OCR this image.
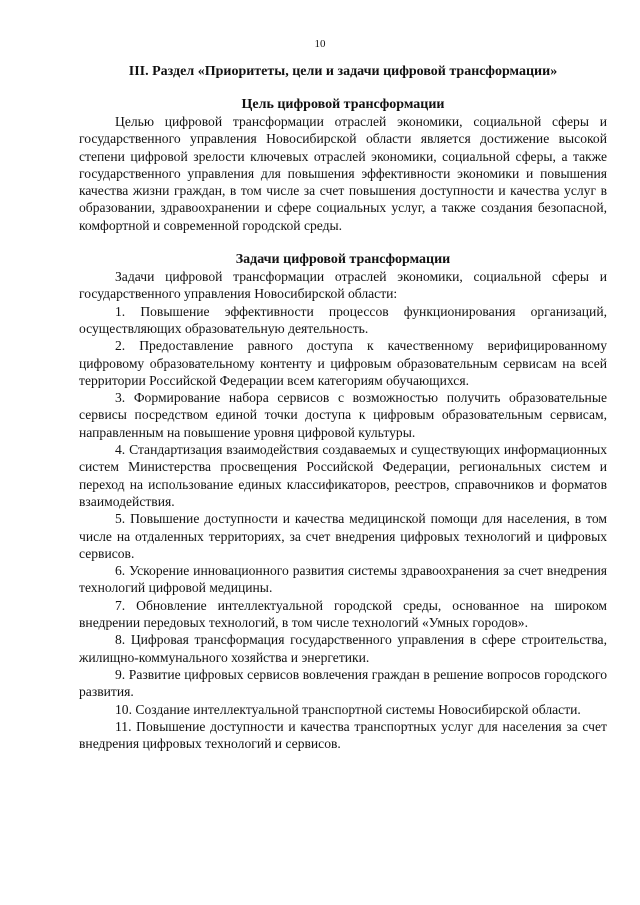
10
III. Раздел «Приоритеты, цели и задачи цифровой трансформации»
Цель цифровой трансформации

Целью цифровой трансформации отраслей экономики, социальной сферы и государственного управления Новосибирской области является достижение высокой степени цифровой зрелости ключевых отраслей экономики, социальной сферы, а также государственного управления для повышения эффективности экономики и повышения качества жизни граждан, в том числе за счет повышения доступности и качества услуг в образовании, здравоохранении и сфере социальных услуг, а также создания безопасной, комфортной и современной городской среды.

Задачи цифровой трансформации

Задачи цифровой трансформации отраслей экономики, социальной сферы и государственного управления Новосибирской области:

1. Повышение эффективности процессов функционирования организаций, осуществляющих образовательную деятельность.
2. Предоставление равного доступа к качественному верифицированному цифровому образовательному контенту и цифровым образовательным сервисам на всей территории Российской Федерации всем категориям обучающихся.
3. Формирование набора сервисов с возможностью получить образовательные сервисы посредством единой точки доступа к цифровым образовательным сервисам, направленным на повышение уровня цифровой культуры.
4. Стандартизация взаимодействия создаваемых и существующих информационных систем Министерства просвещения Российской Федерации, региональных систем и переход на использование единых классификаторов, реестров, справочников и форматов взаимодействия.
5. Повышение доступности и качества медицинской помощи для населения, в том числе на отдаленных территориях, за счет внедрения цифровых технологий и цифровых сервисов.
6. Ускорение инновационного развития системы здравоохранения за счет внедрения технологий цифровой медицины.
7. Обновление интеллектуальной городской среды, основанное на широком внедрении передовых технологий, в том числе технологий «Умных городов».
8. Цифровая трансформация государственного управления в сфере строительства, жилищно-коммунального хозяйства и энергетики.
9. Развитие цифровых сервисов вовлечения граждан в решение вопросов городского развития.
10. Создание интеллектуальной транспортной системы Новосибирской области.
11. Повышение доступности и качества транспортных услуг для населения за счет внедрения цифровых технологий и сервисов.
